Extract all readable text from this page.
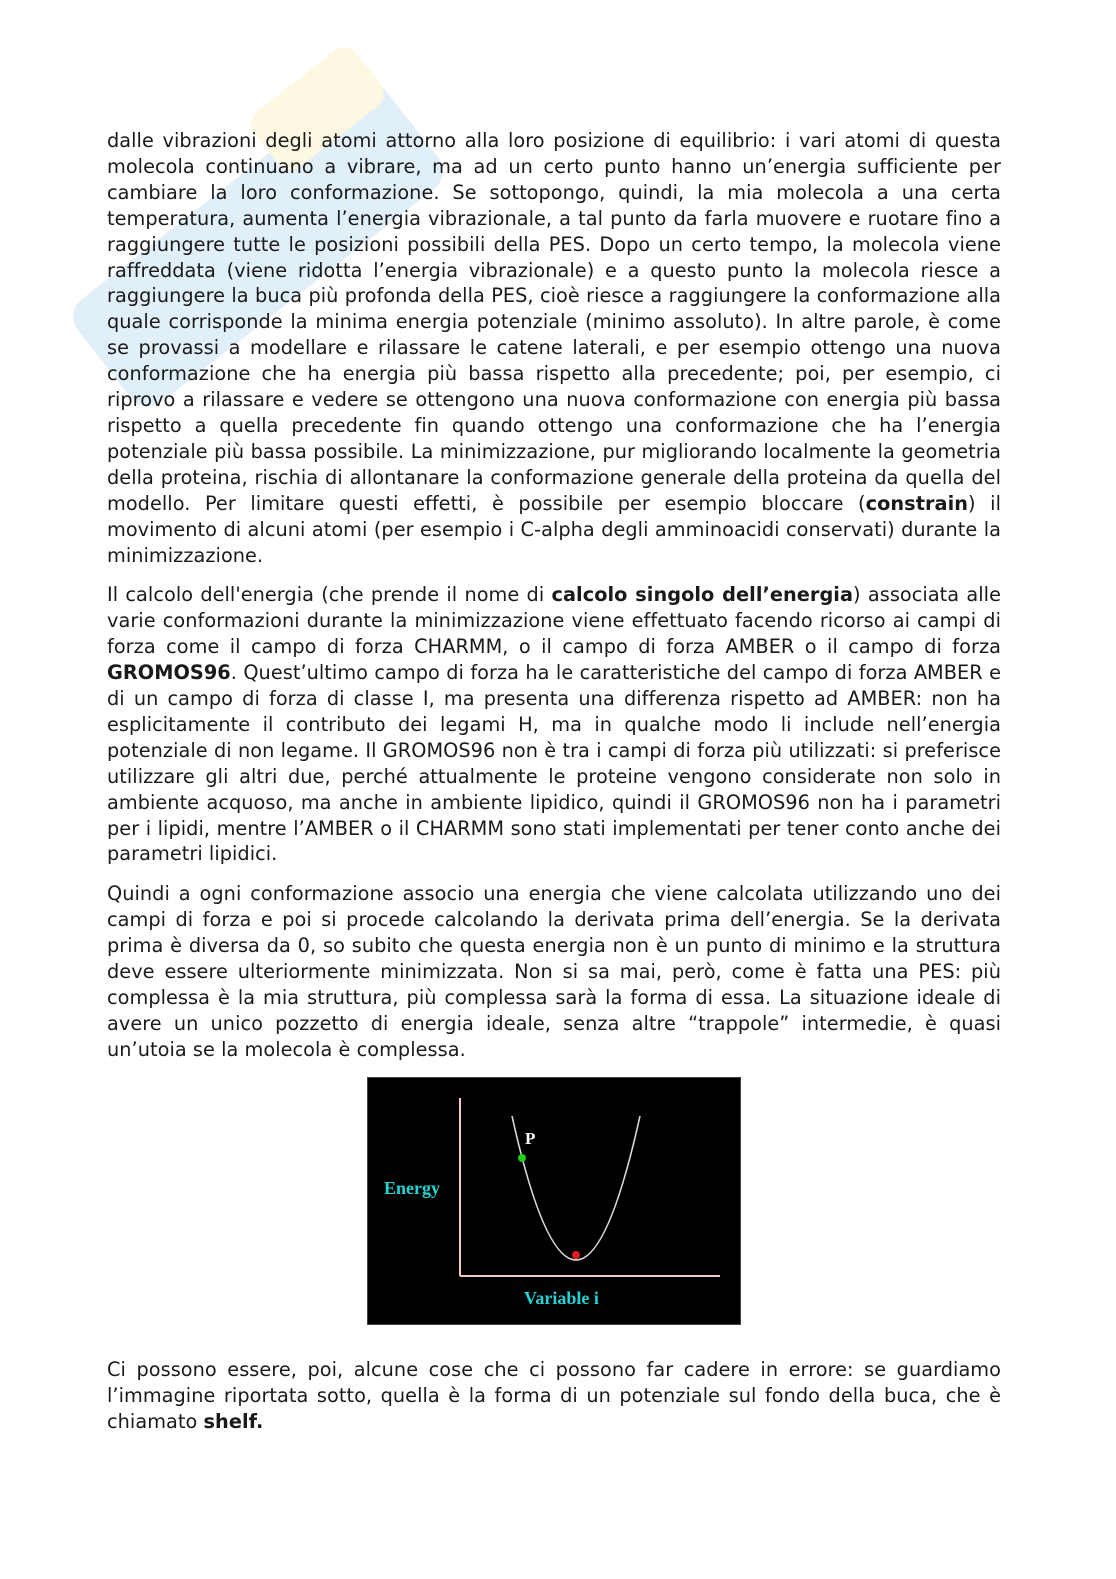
dalle vibrazioni degli atomi attorno alla loro posizione di equilibrio: i vari atomi di questa molecola continuano a vibrare, ma ad un certo punto hanno un’energia sufficiente per cambiare la loro conformazione. Se sottopongo, quindi, la mia molecola a una certa temperatura, aumenta l’energia vibrazionale, a tal punto da farla muovere e ruotare fino a raggiungere tutte le posizioni possibili della PES. Dopo un certo tempo, la molecola viene raffreddata (viene ridotta l’energia vibrazionale) e a questo punto la molecola riesce a raggiungere la buca più profonda della PES, cioè riesce a raggiungere la conformazione alla quale corrisponde la minima energia potenziale (minimo assoluto). In altre parole, è come se provassi a modellare e rilassare le catene laterali, e per esempio ottengo una nuova conformazione che ha energia più bassa rispetto alla precedente; poi, per esempio, ci riprovo a rilassare e vedere se ottengono una nuova conformazione con energia più bassa rispetto a quella precedente fin quando ottengo una conformazione che ha l’energia potenziale più bassa possibile. La minimizzazione, pur migliorando localmente la geometria della proteina, rischia di allontanare la conformazione generale della proteina da quella del modello. Per limitare questi effetti, è possibile per esempio bloccare (constrain) il movimento di alcuni atomi (per esempio i C-alpha degli amminoacidi conservati) durante la minimizzazione.

Il calcolo dell'energia (che prende il nome di calcolo singolo dell’energia) associata alle varie conformazioni durante la minimizzazione viene effettuato facendo ricorso ai campi di forza come il campo di forza CHARMM, o il campo di forza AMBER o il campo di forza GROMOS96. Quest’ultimo campo di forza ha le caratteristiche del campo di forza AMBER e di un campo di forza di classe I, ma presenta una differenza rispetto ad AMBER: non ha esplicitamente il contributo dei legami H, ma in qualche modo li include nell’energia potenziale di non legame. Il GROMOS96 non è tra i campi di forza più utilizzati: si preferisce utilizzare gli altri due, perché attualmente le proteine vengono considerate non solo in ambiente acquoso, ma anche in ambiente lipidico, quindi il GROMOS96 non ha i parametri per i lipidi, mentre l’AMBER o il CHARMM sono stati implementati per tener conto anche dei parametri lipidici.

Quindi a ogni conformazione associo una energia che viene calcolata utilizzando uno dei campi di forza e poi si procede calcolando la derivata prima dell’energia. Se la derivata prima è diversa da 0, so subito che questa energia non è un punto di minimo e la struttura deve essere ulteriormente minimizzata. Non si sa mai, però, come è fatta una PES: più complessa è la mia struttura, più complessa sarà la forma di essa. La situazione ideale di avere un unico pozzetto di energia ideale, senza altre “trappole” intermedie, è quasi un’utoia se la molecola è complessa.

P
Energy
Variable i

Ci possono essere, poi, alcune cose che ci possono far cadere in errore: se guardiamo l’immagine riportata sotto, quella è la forma di un potenziale sul fondo della buca, che è chiamato shelf.
